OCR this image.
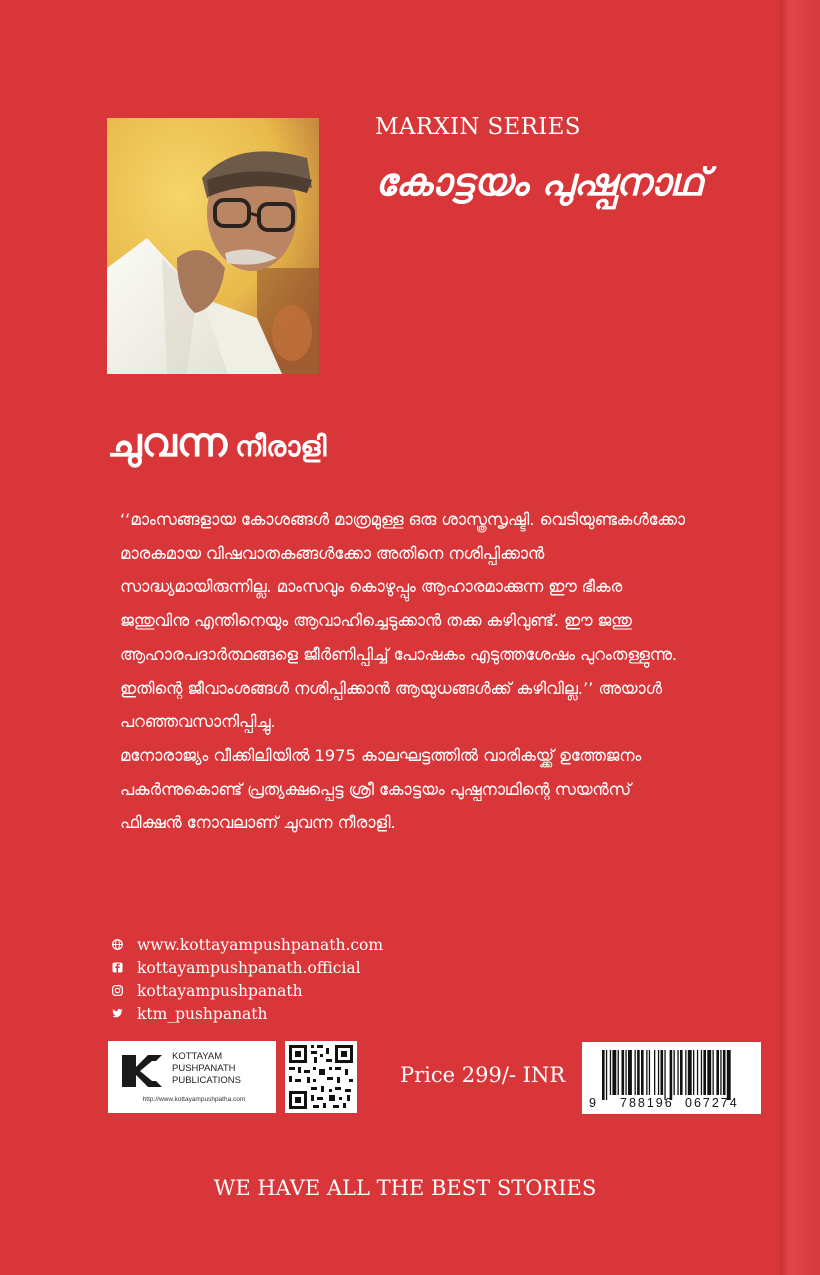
MARXIN SERIES
കോട്ടയം പുഷ്പനാഥ്
ചുവന്ന നീരാളി

‘‘മാംസങ്ങളായ കോശങ്ങൾ മാത്രമുള്ള ഒരു ശാസ്ത്രസൃഷ്ടി. വെടിയുണ്ടകൾക്കോ മാരകമായ വിഷവാതകങ്ങൾക്കോ അതിനെ നശിപ്പിക്കാൻ സാദ്ധ്യമായിരുന്നില്ല. മാംസവും കൊഴുപ്പും ആഹാരമാക്കുന്ന ഈ ഭീകര ജന്തുവിനു എന്തിനെയും ആവാഹിച്ചെടുക്കാൻ തക്ക കഴിവുണ്ട്. ഈ ജന്തു ആഹാരപദാർത്ഥങ്ങളെ ജീർണിപ്പിച്ച് പോഷകം എടുത്തശേഷം പുറംതള്ളുന്നു. ഇതിന്റെ ജീവാംശങ്ങൾ നശിപ്പിക്കാൻ ആയുധങ്ങൾക്ക് കഴിവില്ല.’’ അയാൾ പറഞ്ഞവസാനിപ്പിച്ചു.

മനോരാജ്യം വീക്കിലിയിൽ 1975 കാലഘട്ടത്തിൽ വാരികയ്ക്ക് ഉത്തേജനം പകർന്നുകൊണ്ട് പ്രത്യക്ഷപ്പെട്ട ശ്രീ കോട്ടയം പുഷ്പനാഥിന്റെ സയൻസ് ഫിക്ഷൻ നോവലാണ് ചുവന്ന നീരാളി.

www.kottayampushpanath.com
kottayampushpanath.official
kottayampushpanath
ktm_pushpanath
KOTTAYAM
PUSHPANATH
PUBLICATIONS
http://www.kottayampushpatha.com
Price 299/- INR
9 788196 067274
WE HAVE ALL THE BEST STORIES
